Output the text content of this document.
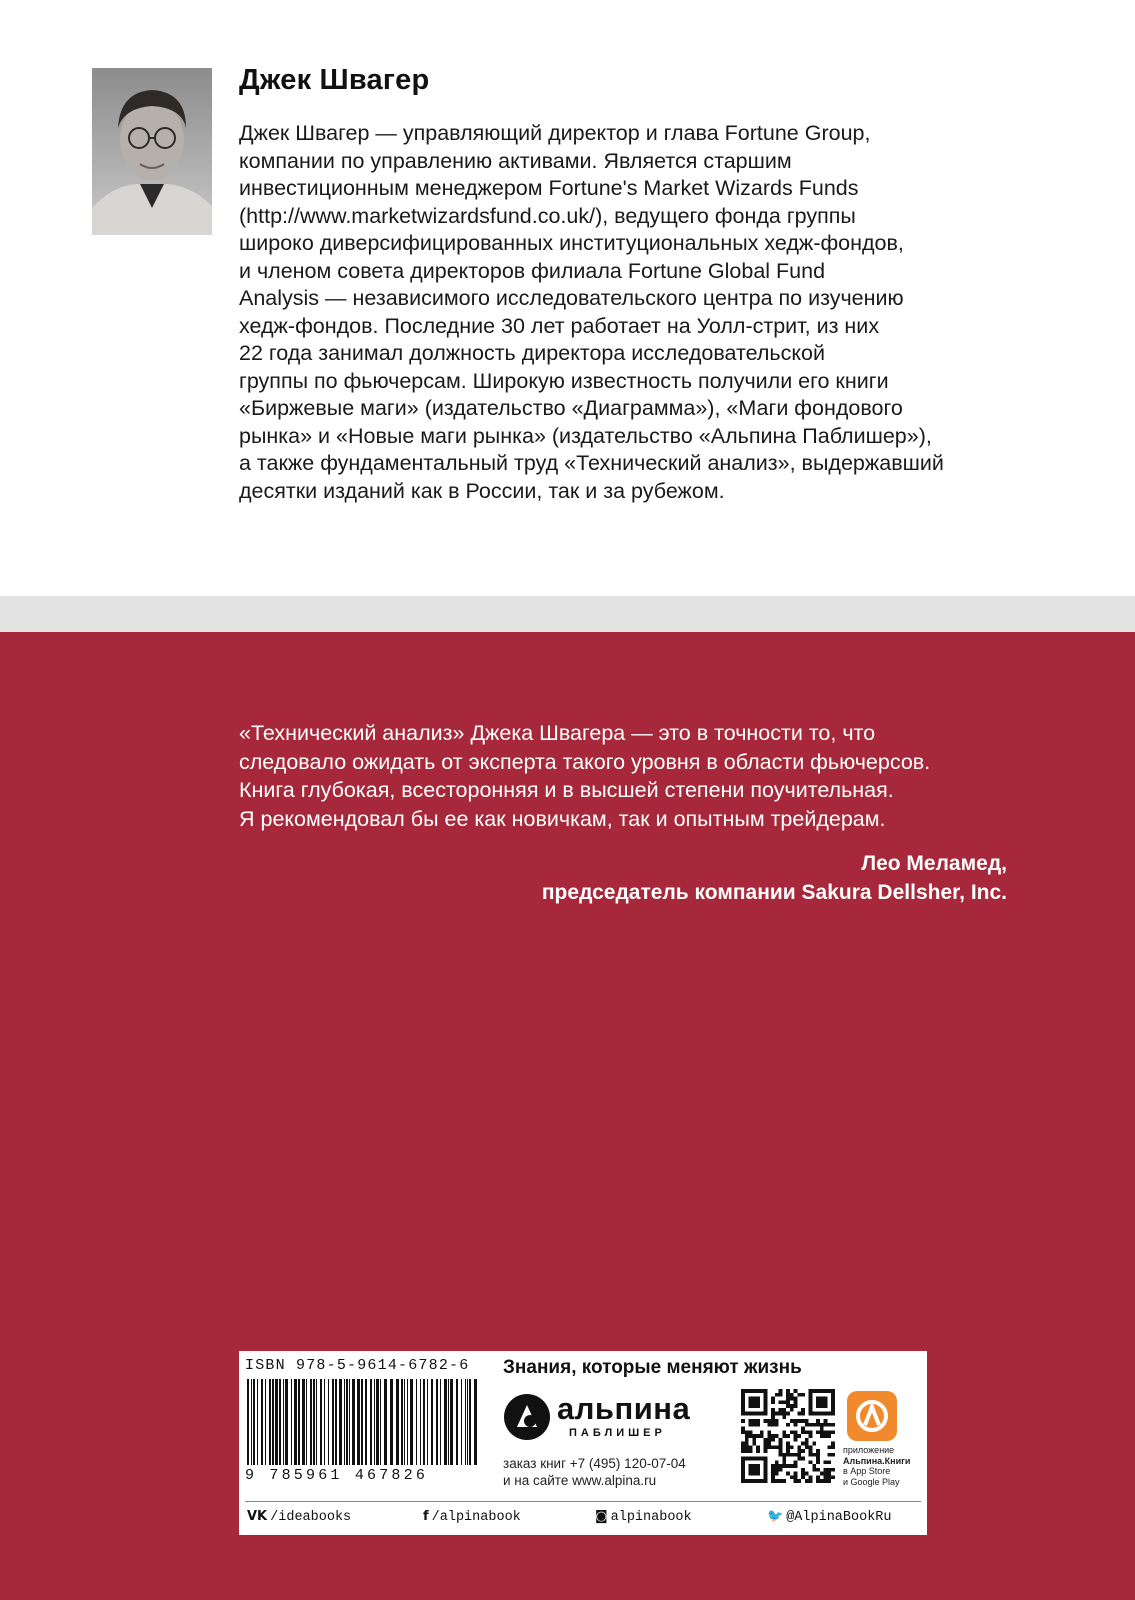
Джек Швагер
Джек Швагер — управляющий директор и глава Fortune Group,
компании по управлению активами. Является старшим
инвестиционным менеджером Fortune's Market Wizards Funds
(http://www.marketwizardsfund.co.uk/), ведущего фонда группы
широко диверсифицированных институциональных хедж-фондов,
и членом совета директоров филиала Fortune Global Fund
Analysis — независимого исследовательского центра по изучению
хедж-фондов. Последние 30 лет работает на Уолл-стрит, из них
22 года занимал должность директора исследовательской
группы по фьючерсам. Широкую известность получили его книги
«Биржевые маги» (издательство «Диаграмма»), «Маги фондового
рынка» и «Новые маги рынка» (издательство «Альпина Паблишер»),
а также фундаментальный труд «Технический анализ», выдержавший
десятки изданий как в России, так и за рубежом.
«Технический анализ» Джека Швагера — это в точности то, что
следовало ожидать от эксперта такого уровня в области фьючерсов.
Книга глубокая, всесторонняя и в высшей степени поучительная.
Я рекомендовал бы ее как новичкам, так и опытным трейдерам.
Лео Меламед,
председатель компании Sakura Dellsher, Inc.
ISBN 978-5-9614-6782-6
9 785961 467826
Знания, которые меняют жизнь
альпина
ПАБЛИШЕР
заказ книг +7 (495) 120-07-04
и на сайте www.alpina.ru
приложение
Альпина.Книги
в App Store
и Google Play
VK /ideabooks	f /alpinabook	◙ alpinabook	🐦 @AlpinaBookRu
